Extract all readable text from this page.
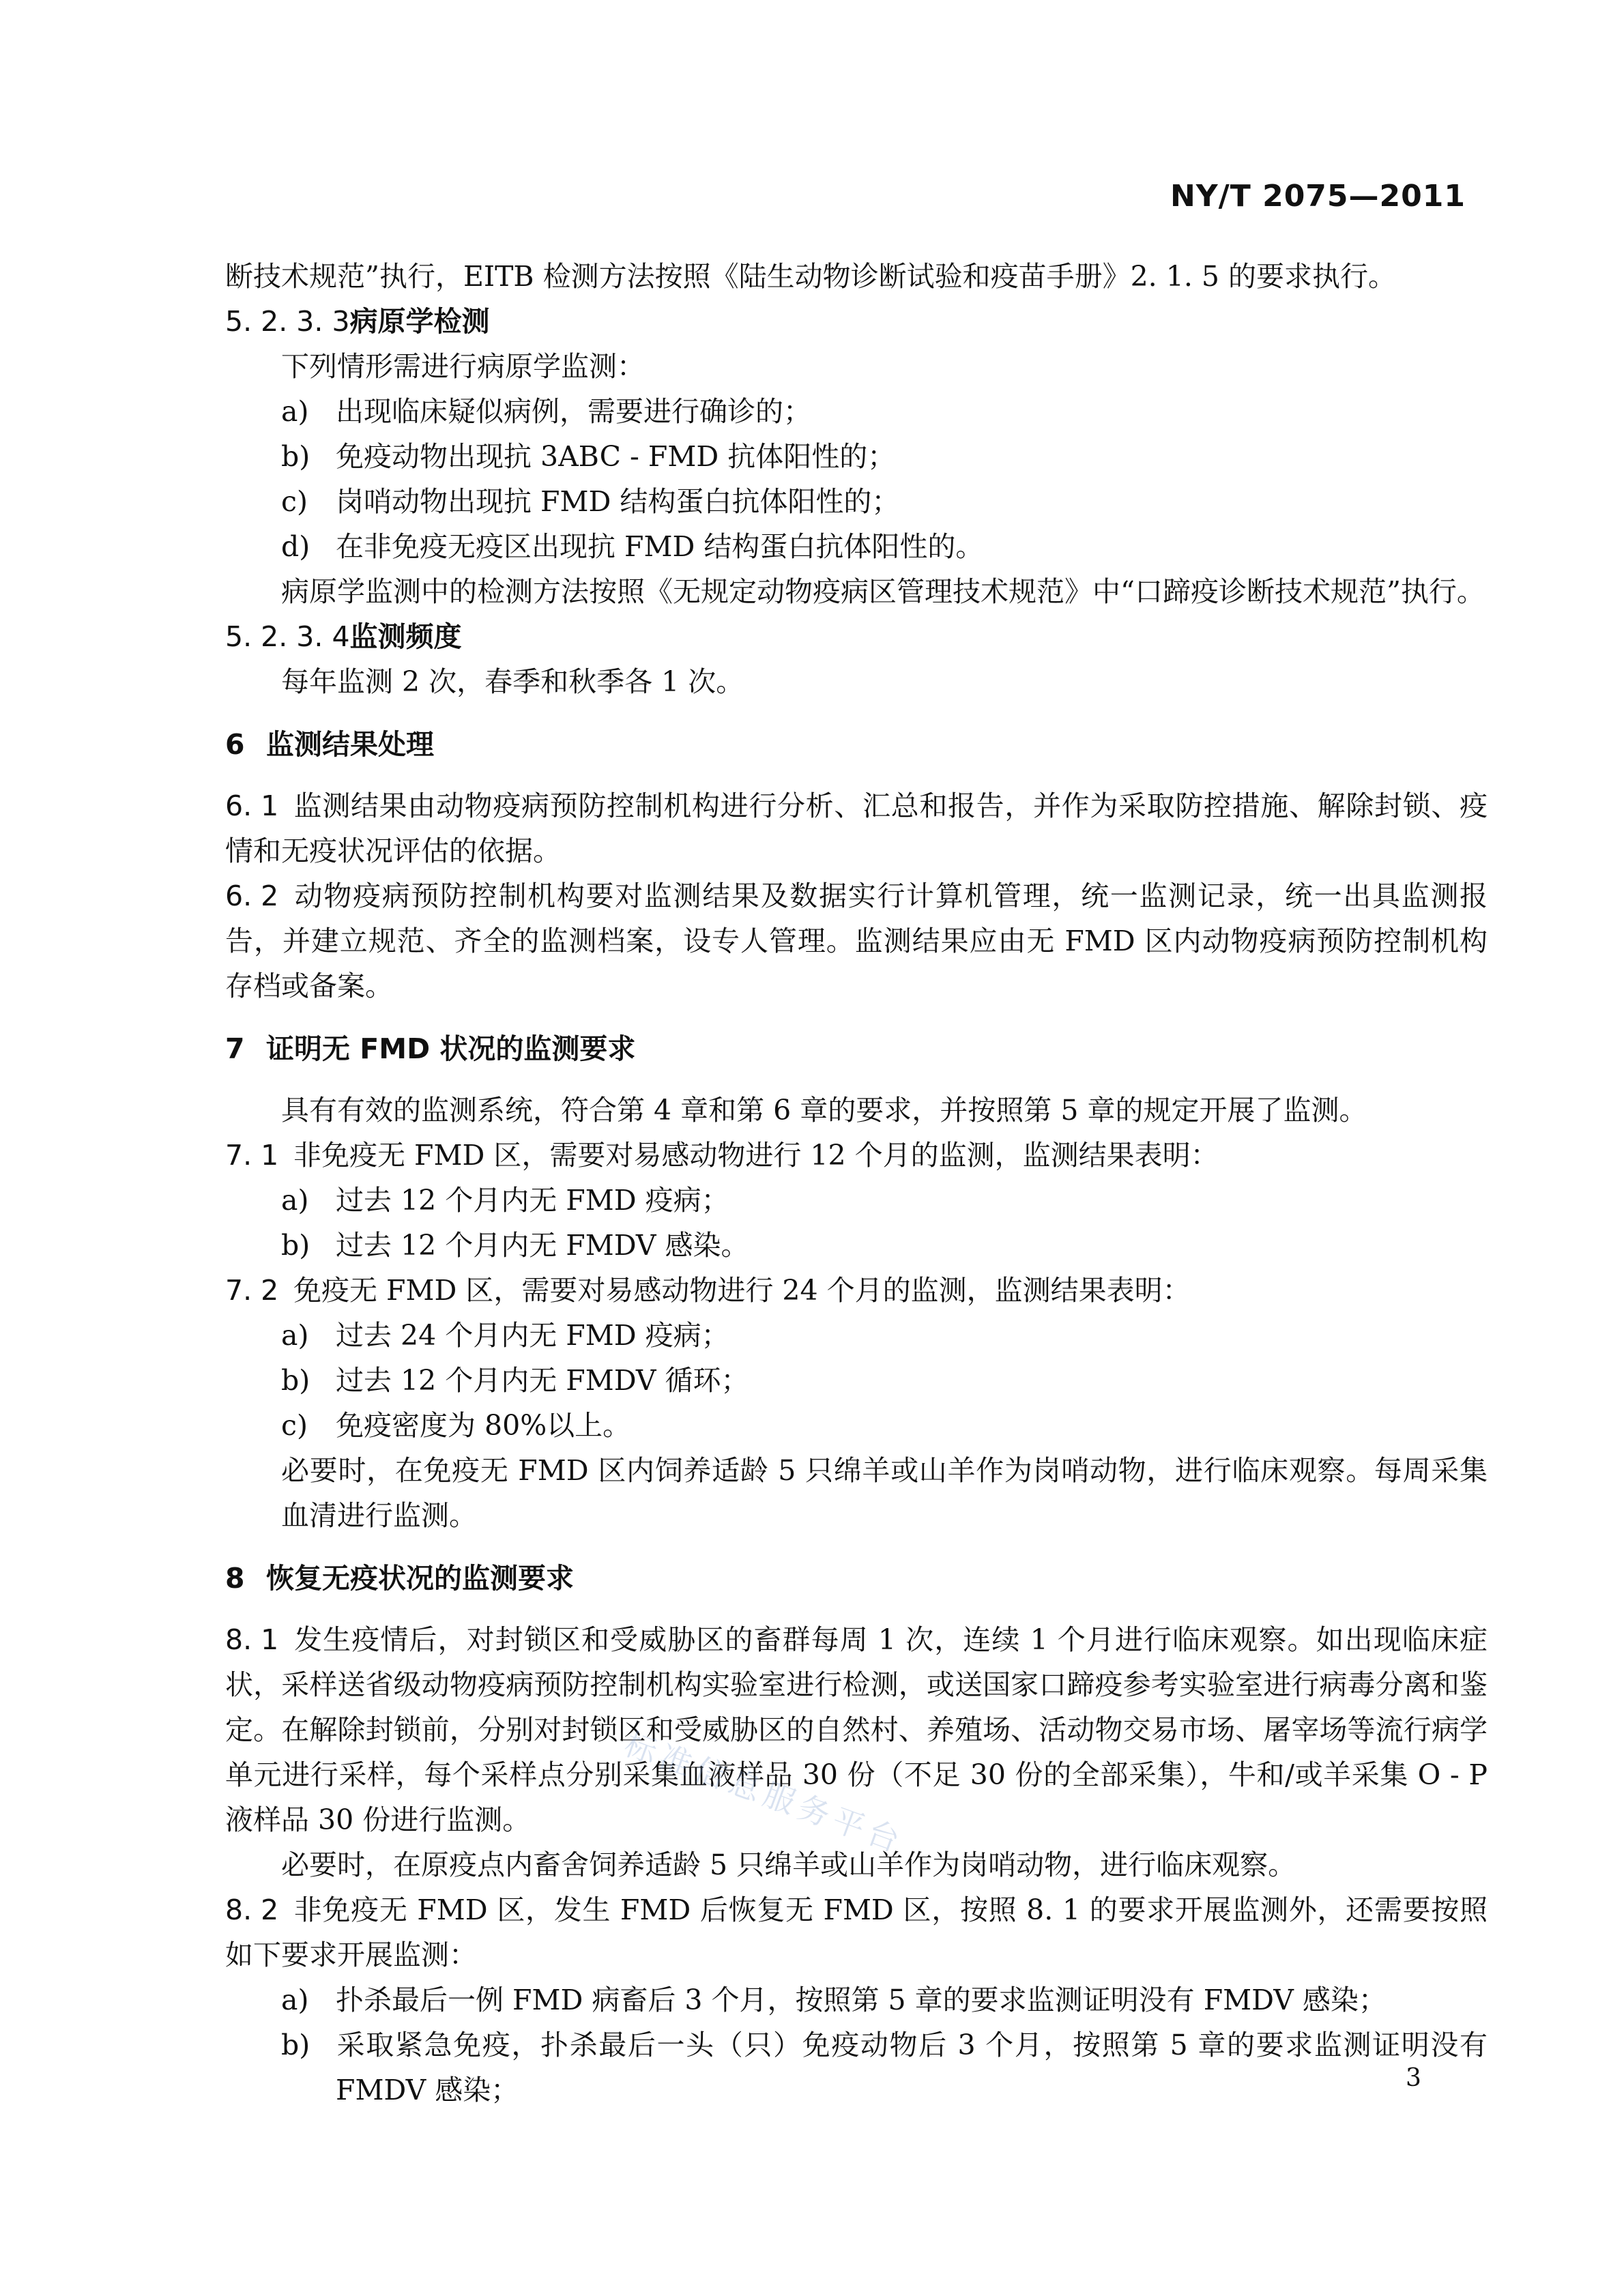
NY/T 2075—2011

断技术规范”执行，EITB 检测方法按照《陆生动物诊断试验和疫苗手册》2. 1. 5 的要求执行。

5. 2. 3. 3病原学检测

下列情形需进行病原学监测：

a) 出现临床疑似病例，需要进行确诊的；

b) 免疫动物出现抗 3ABC - FMD 抗体阳性的；

c) 岗哨动物出现抗 FMD 结构蛋白抗体阳性的；

d) 在非免疫无疫区出现抗 FMD 结构蛋白抗体阳性的。

病原学监测中的检测方法按照《无规定动物疫病区管理技术规范》中“口蹄疫诊断技术规范”执行。

5. 2. 3. 4监测频度

每年监测 2 次，春季和秋季各 1 次。

6 监测结果处理

6. 1 监测结果由动物疫病预防控制机构进行分析、汇总和报告，并作为采取防控措施、解除封锁、疫情和无疫状况评估的依据。

6. 2 动物疫病预防控制机构要对监测结果及数据实行计算机管理，统一监测记录，统一出具监测报告，并建立规范、齐全的监测档案，设专人管理。监测结果应由无 FMD 区内动物疫病预防控制机构存档或备案。

7 证明无 FMD 状况的监测要求

具有有效的监测系统，符合第 4 章和第 6 章的要求，并按照第 5 章的规定开展了监测。

7. 1 非免疫无 FMD 区，需要对易感动物进行 12 个月的监测，监测结果表明：

a) 过去 12 个月内无 FMD 疫病；

b) 过去 12 个月内无 FMDV 感染。

7. 2 免疫无 FMD 区，需要对易感动物进行 24 个月的监测，监测结果表明：

a) 过去 24 个月内无 FMD 疫病；

b) 过去 12 个月内无 FMDV 循环；

c) 免疫密度为 80%以上。

必要时，在免疫无 FMD 区内饲养适龄 5 只绵羊或山羊作为岗哨动物，进行临床观察。每周采集血清进行监测。

8 恢复无疫状况的监测要求

8. 1 发生疫情后，对封锁区和受威胁区的畜群每周 1 次，连续 1 个月进行临床观察。如出现临床症状，采样送省级动物疫病预防控制机构实验室进行检测，或送国家口蹄疫参考实验室进行病毒分离和鉴定。在解除封锁前，分别对封锁区和受威胁区的自然村、养殖场、活动物交易市场、屠宰场等流行病学单元进行采样，每个采样点分别采集血液样品 30 份（不足 30 份的全部采集），牛和/或羊采集 O - P 液样品 30 份进行监测。

必要时，在原疫点内畜舍饲养适龄 5 只绵羊或山羊作为岗哨动物，进行临床观察。

8. 2 非免疫无 FMD 区，发生 FMD 后恢复无 FMD 区，按照 8. 1 的要求开展监测外，还需要按照如下要求开展监测：

a) 扑杀最后一例 FMD 病畜后 3 个月，按照第 5 章的要求监测证明没有 FMDV 感染；

b) 采取紧急免疫，扑杀最后一头（只）免疫动物后 3 个月，按照第 5 章的要求监测证明没有 FMDV 感染；

标准信息服务平台
3
